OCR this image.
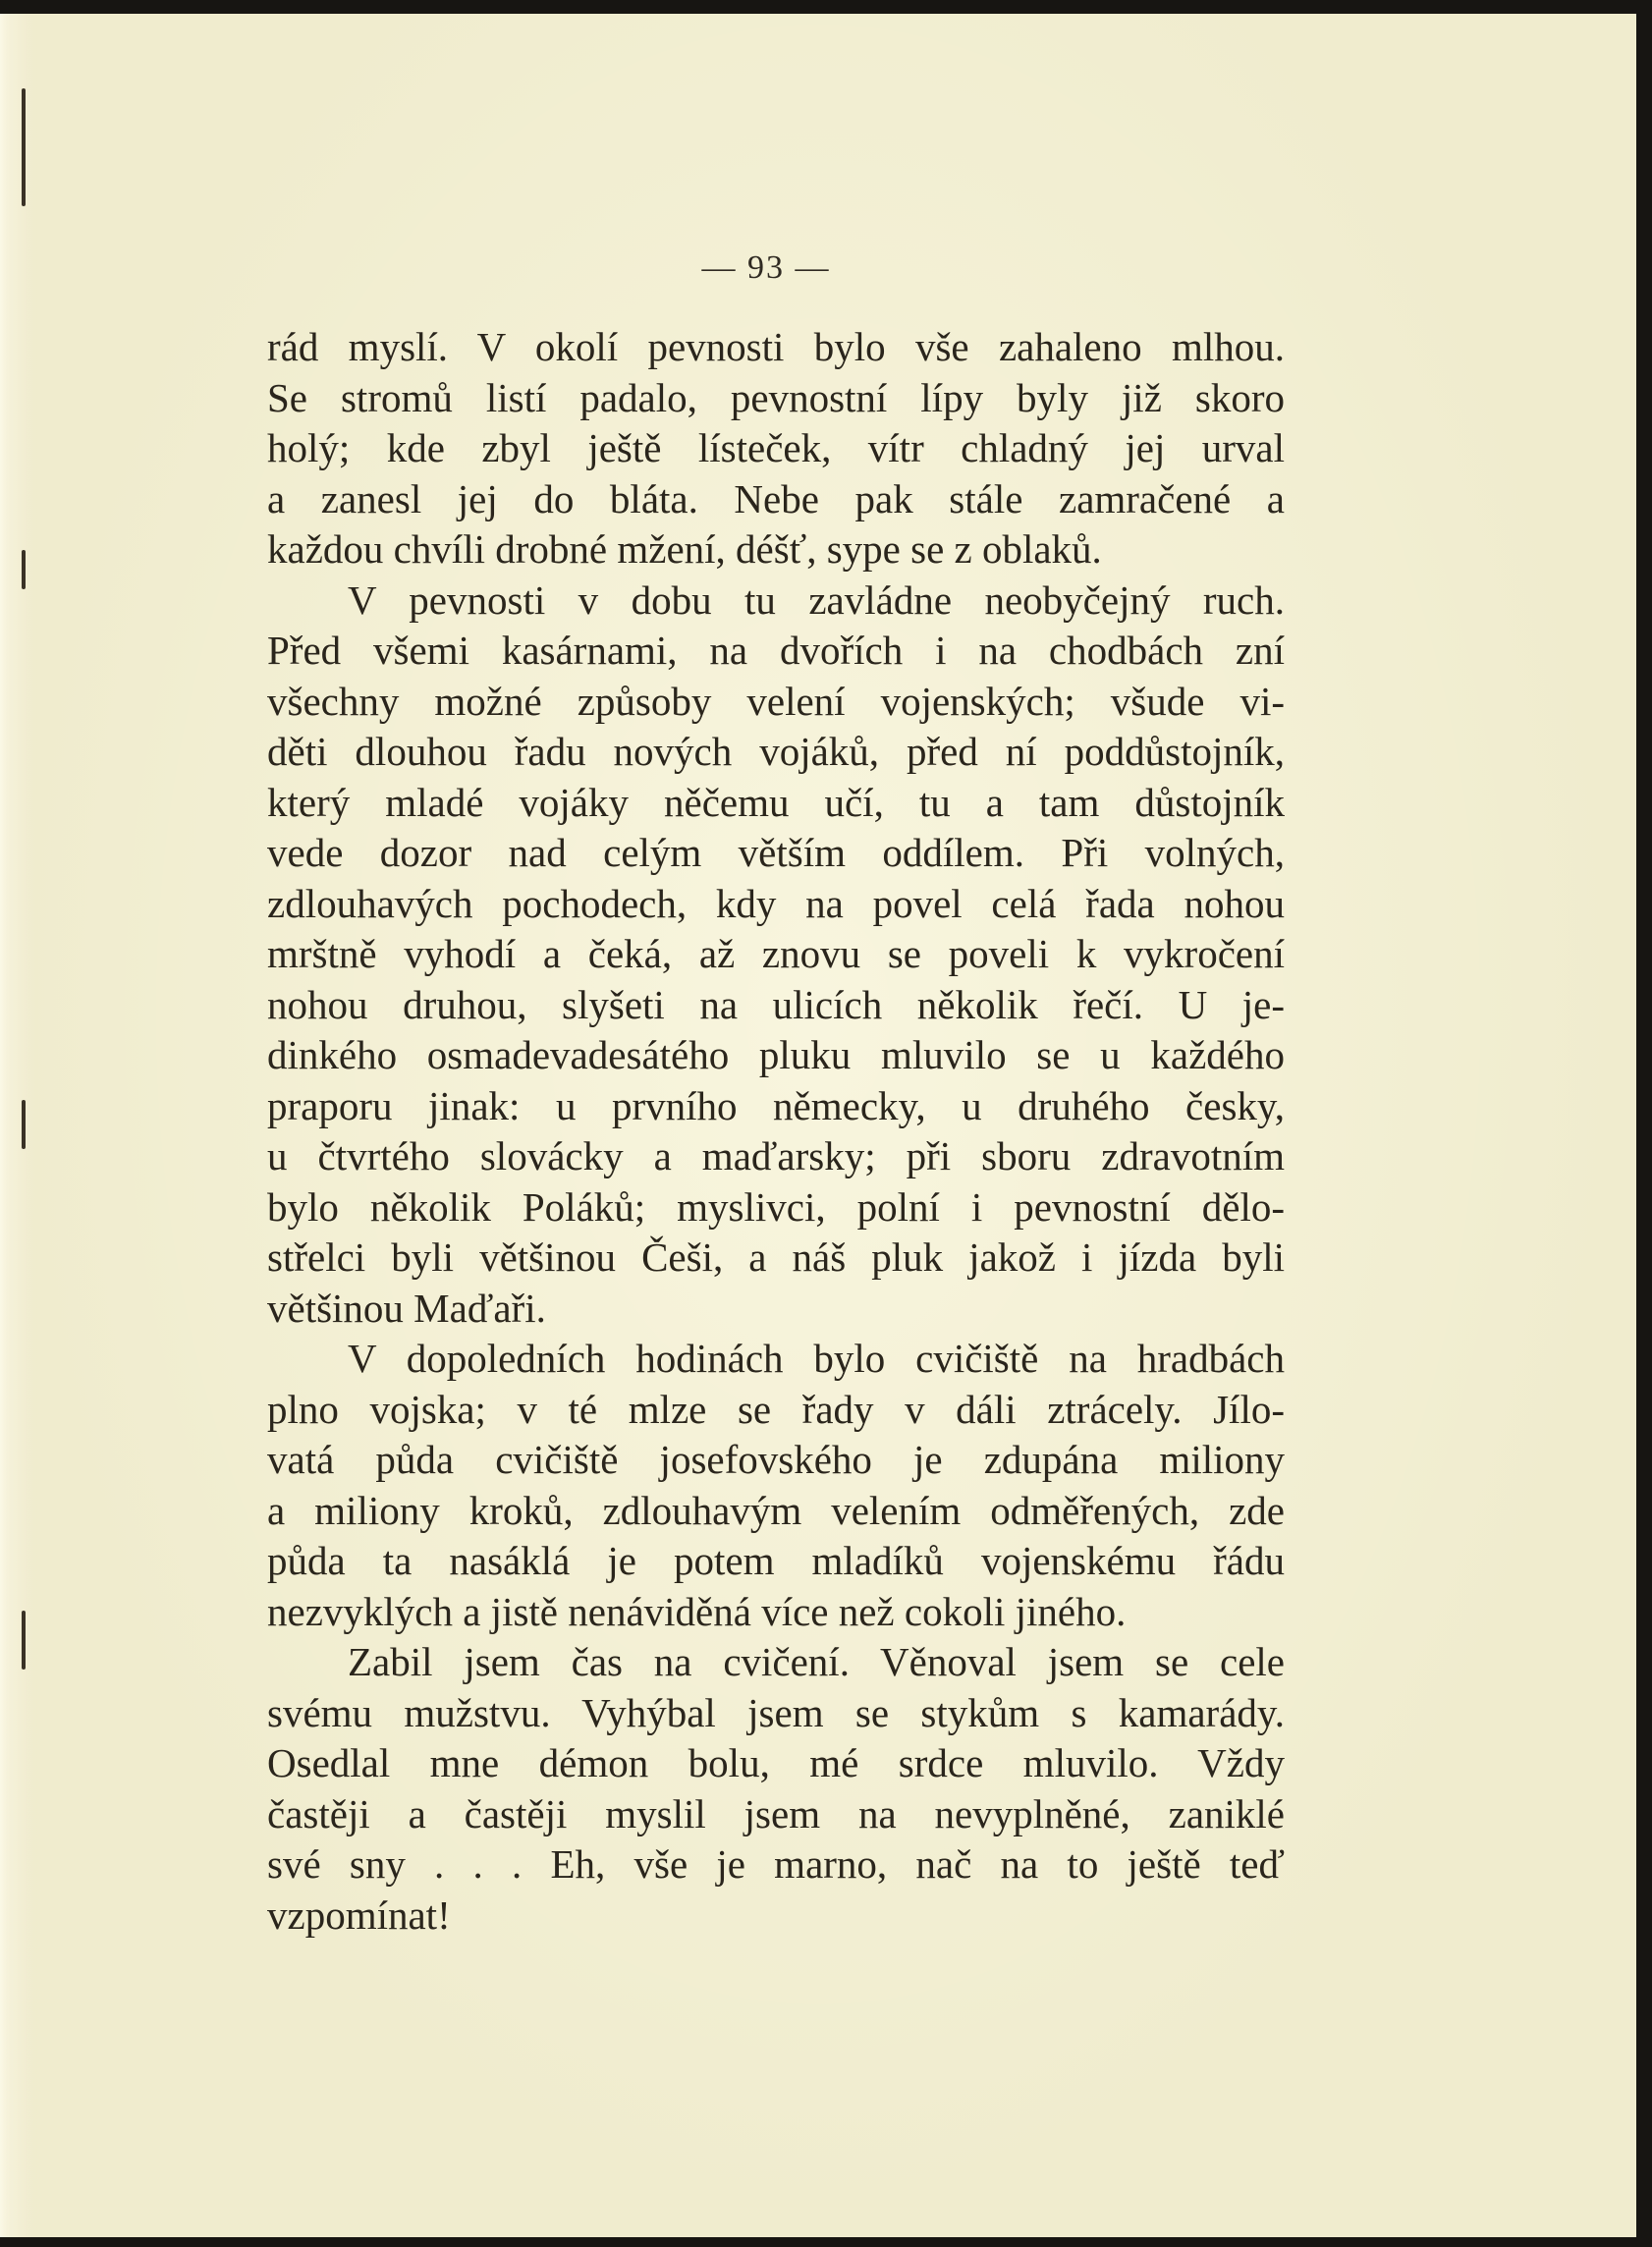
— 93 —
rád myslí. V okolí pevnosti bylo vše zahaleno mlhou.
Se stromů listí padalo, pevnostní lípy byly již skoro
holý; kde zbyl ještě lísteček, vítr chladný jej urval
a zanesl jej do bláta. Nebe pak stále zamračené a
každou chvíli drobné mžení, déšť, sype se z oblaků.
V pevnosti v dobu tu zavládne neobyčejný ruch.
Před všemi kasárnami, na dvořích i na chodbách zní
všechny možné způsoby velení vojenských; všude vi-
děti dlouhou řadu nových vojáků, před ní poddůstojník,
který mladé vojáky něčemu učí, tu a tam důstojník
vede dozor nad celým větším oddílem. Při volných,
zdlouhavých pochodech, kdy na povel celá řada nohou
mrštně vyhodí a čeká, až znovu se poveli k vykročení
nohou druhou, slyšeti na ulicích několik řečí. U je-
dinkého osmadevadesátého pluku mluvilo se u každého
praporu jinak: u prvního německy, u druhého česky,
u čtvrtého slovácky a maďarsky; při sboru zdravotním
bylo několik Poláků; myslivci, polní i pevnostní dělo-
střelci byli většinou Češi, a náš pluk jakož i jízda byli
většinou Maďaři.
V dopoledních hodinách bylo cvičiště na hradbách
plno vojska; v té mlze se řady v dáli ztrácely. Jílo-
vatá půda cvičiště josefovského je zdupána miliony
a miliony kroků, zdlouhavým velením odměřených, zde
půda ta nasáklá je potem mladíků vojenskému řádu
nezvyklých a jistě nenáviděná více než cokoli jiného.
Zabil jsem čas na cvičení. Věnoval jsem se cele
svému mužstvu. Vyhýbal jsem se stykům s kamarády.
Osedlal mne démon bolu, mé srdce mluvilo. Vždy
častěji a častěji myslil jsem na nevyplněné, zaniklé
své sny . . . Eh, vše je marno, nač na to ještě teď
vzpomínat!
